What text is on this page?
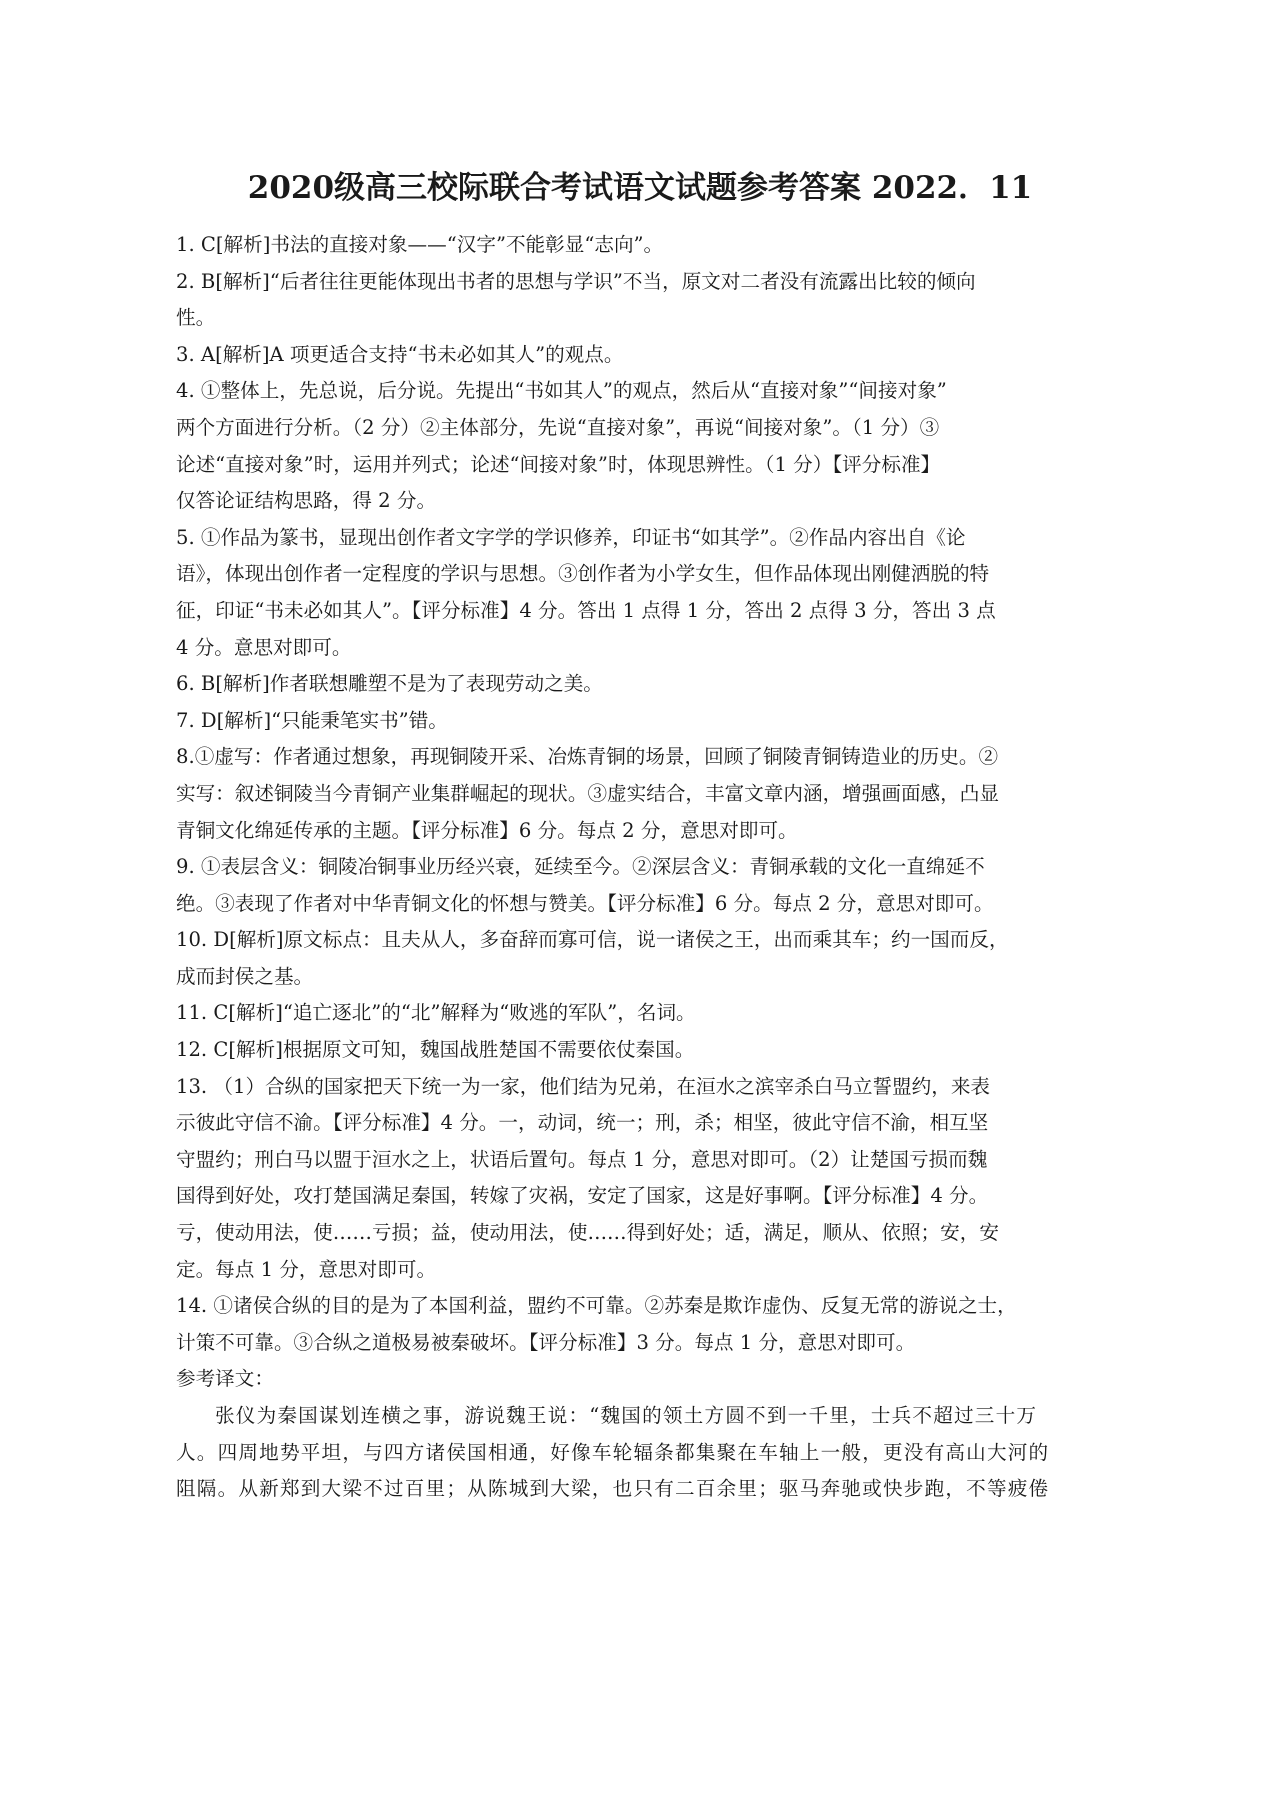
2020级高三校际联合考试语文试题参考答案 2022．11
1. C[解析]书法的直接对象——“汉字”不能彰显“志向”。
2. B[解析]“后者往往更能体现出书者的思想与学识”不当，原文对二者没有流露出比较的倾向
性。
3. A[解析]A 项更适合支持“书未必如其人”的观点。
4. ①整体上，先总说，后分说。先提出“书如其人”的观点，然后从“直接对象”“间接对象”
两个方面进行分析。（2 分）②主体部分，先说“直接对象”，再说“间接对象”。（1 分）③
论述“直接对象”时，运用并列式；论述“间接对象”时，体现思辨性。（1 分）【评分标准】
仅答论证结构思路，得 2 分。
5. ①作品为篆书，显现出创作者文字学的学识修养，印证书“如其学”。②作品内容出自《论
语》，体现出创作者一定程度的学识与思想。③创作者为小学女生，但作品体现出刚健洒脱的特
征，印证“书未必如其人”。【评分标准】4 分。答出 1 点得 1 分，答出 2 点得 3 分，答出 3 点
4 分。意思对即可。
6. B[解析]作者联想雕塑不是为了表现劳动之美。
7. D[解析]“只能秉笔实书”错。
8.①虚写：作者通过想象，再现铜陵开采、冶炼青铜的场景，回顾了铜陵青铜铸造业的历史。②
实写：叙述铜陵当今青铜产业集群崛起的现状。③虚实结合，丰富文章内涵，增强画面感，凸显
青铜文化绵延传承的主题。【评分标准】6 分。每点 2 分，意思对即可。
9. ①表层含义：铜陵冶铜事业历经兴衰，延续至今。②深层含义：青铜承载的文化一直绵延不
绝。③表现了作者对中华青铜文化的怀想与赞美。【评分标准】6 分。每点 2 分，意思对即可。
10. D[解析]原文标点：且夫从人，多奋辞而寡可信，说一诸侯之王，出而乘其车；约一国而反，
成而封侯之基。
11. C[解析]“追亡逐北”的“北”解释为“败逃的军队”，名词。
12. C[解析]根据原文可知，魏国战胜楚国不需要依仗秦国。
13. （1）合纵的国家把天下统一为一家，他们结为兄弟，在洹水之滨宰杀白马立誓盟约，来表
示彼此守信不渝。【评分标准】4 分。一，动词，统一；刑，杀；相坚，彼此守信不渝，相互坚
守盟约；刑白马以盟于洹水之上，状语后置句。每点 1 分，意思对即可。（2）让楚国亏损而魏
国得到好处，攻打楚国满足秦国，转嫁了灾祸，安定了国家，这是好事啊。【评分标准】4 分。
亏，使动用法，使……亏损；益，使动用法，使……得到好处；适，满足，顺从、依照；安，安
定。每点 1 分，意思对即可。
14. ①诸侯合纵的目的是为了本国利益，盟约不可靠。②苏秦是欺诈虚伪、反复无常的游说之士，
计策不可靠。③合纵之道极易被秦破坏。【评分标准】3 分。每点 1 分，意思对即可。
参考译文：
张仪为秦国谋划连横之事，游说魏王说：“魏国的领土方圆不到一千里，士兵不超过三十万
人。四周地势平坦，与四方诸侯国相通，好像车轮辐条都集聚在车轴上一般，更没有高山大河的
阻隔。从新郑到大梁不过百里；从陈城到大梁，也只有二百余里；驱马奔驰或快步跑，不等疲倦
